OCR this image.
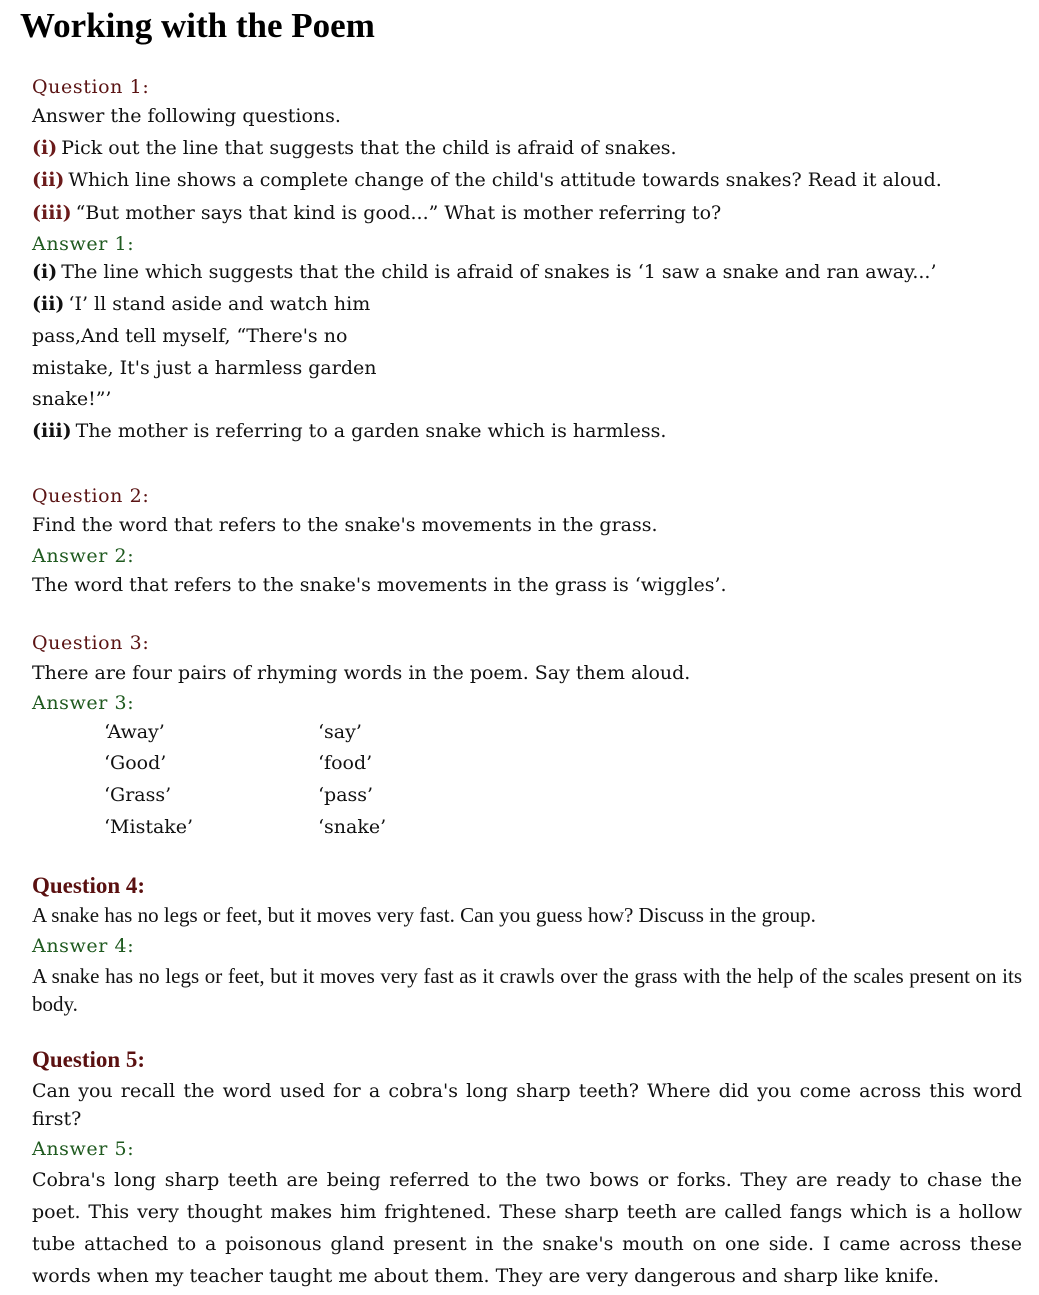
Working with the Poem
Question 1:
Answer the following questions.
(i) Pick out the line that suggests that the child is afraid of snakes.
(ii) Which line shows a complete change of the child's attitude towards snakes? Read it aloud.
(iii) “But mother says that kind is good...” What is mother referring to?
Answer 1:
(i) The line which suggests that the child is afraid of snakes is ‘1 saw a snake and ran away...’
(ii) ‘I’ ll stand aside and watch him
pass,And tell myself, “There's no
mistake, It's just a harmless garden
snake!”’
(iii) The mother is referring to a garden snake which is harmless.
Question 2:
Find the word that refers to the snake's movements in the grass.
Answer 2:
The word that refers to the snake's movements in the grass is ‘wiggles’.
Question 3:
There are four pairs of rhyming words in the poem. Say them aloud.
Answer 3:
‘Away’	‘say’
‘Good’	‘food’
‘Grass’	‘pass’
‘Mistake’	‘snake’
Question 4:
A snake has no legs or feet, but it moves very fast. Can you guess how? Discuss in the group.
Answer 4:
A snake has no legs or feet, but it moves very fast as it crawls over the grass with the help of the scales present on its body.
Question 5:
Can you recall the word used for a cobra's long sharp teeth? Where did you come across this word first?
Answer 5:
Cobra's long sharp teeth are being referred to the two bows or forks. They are ready to chase the poet. This very thought makes him frightened. These sharp teeth are called fangs which is a hollow tube attached to a poisonous gland present in the snake's mouth on one side. I came across these words when my teacher taught me about them. They are very dangerous and sharp like knife.
